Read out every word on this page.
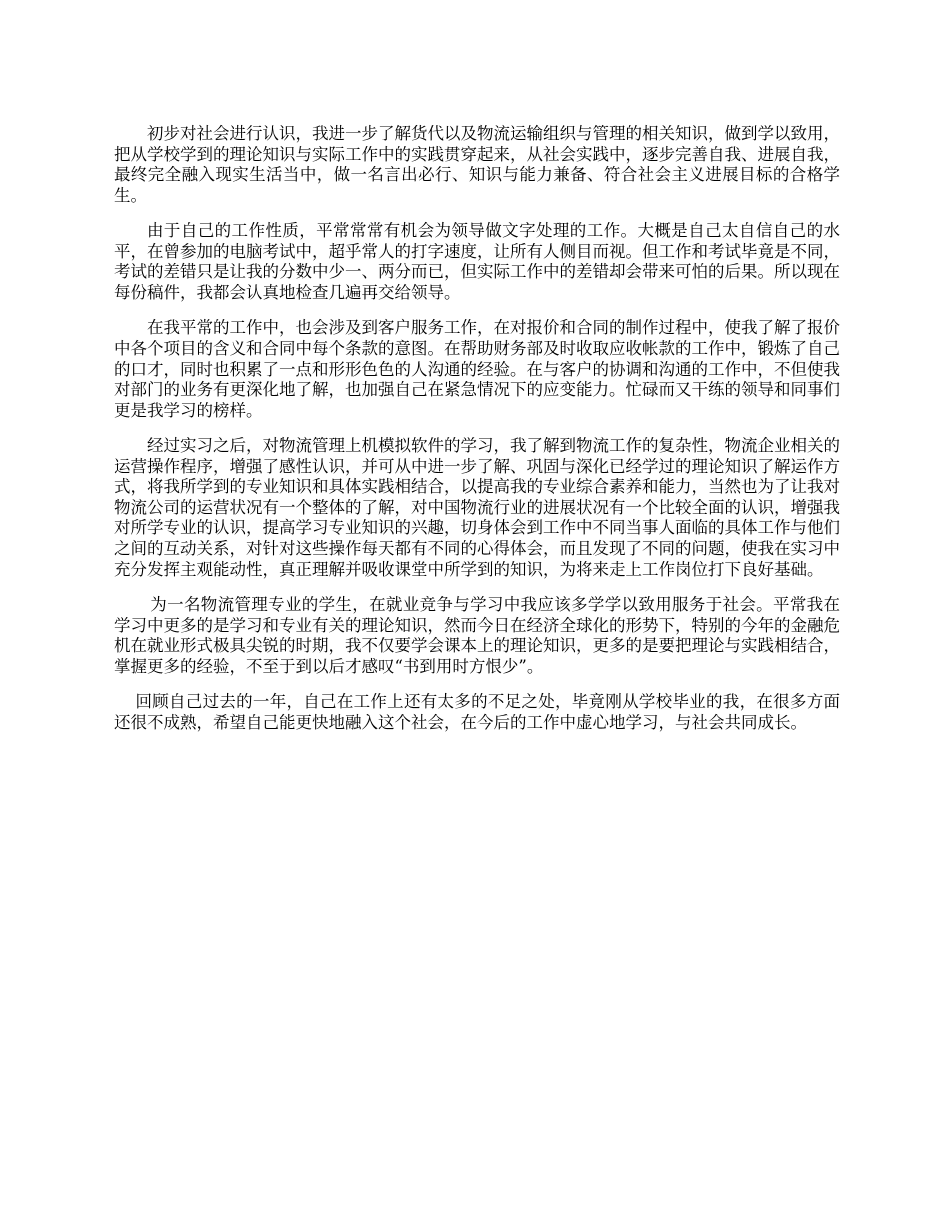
初步对社会进行认识，我进一步了解货代以及物流运输组织与管理的相关知识，做到学以致用，把从学校学到的理论知识与实际工作中的实践贯穿起来，从社会实践中，逐步完善自我、进展自我，最终完全融入现实生活当中，做一名言出必行、知识与能力兼备、符合社会主义进展目标的合格学生。

由于自己的工作性质，平常常常有机会为领导做文字处理的工作。大概是自己太自信自己的水平，在曾参加的电脑考试中，超乎常人的打字速度，让所有人侧目而视。但工作和考试毕竟是不同，考试的差错只是让我的分数中少一、两分而已，但实际工作中的差错却会带来可怕的后果。所以现在每份稿件，我都会认真地检查几遍再交给领导。

在我平常的工作中，也会涉及到客户服务工作，在对报价和合同的制作过程中，使我了解了报价中各个项目的含义和合同中每个条款的意图。在帮助财务部及时收取应收帐款的工作中，锻炼了自己的口才，同时也积累了一点和形形色色的人沟通的经验。在与客户的协调和沟通的工作中，不但使我对部门的业务有更深化地了解，也加强自己在紧急情况下的应变能力。忙碌而又干练的领导和同事们更是我学习的榜样。

经过实习之后，对物流管理上机模拟软件的学习，我了解到物流工作的复杂性，物流企业相关的运营操作程序，增强了感性认识，并可从中进一步了解、巩固与深化已经学过的理论知识了解运作方式，将我所学到的专业知识和具体实践相结合，以提高我的专业综合素养和能力，当然也为了让我对物流公司的运营状况有一个整体的了解，对中国物流行业的进展状况有一个比较全面的认识，增强我对所学专业的认识，提高学习专业知识的兴趣，切身体会到工作中不同当事人面临的具体工作与他们之间的互动关系，对针对这些操作每天都有不同的心得体会，而且发现了不同的问题，使我在实习中充分发挥主观能动性，真正理解并吸收课堂中所学到的知识，为将来走上工作岗位打下良好基础。

为一名物流管理专业的学生，在就业竞争与学习中我应该多学学以致用服务于社会。平常我在学习中更多的是学习和专业有关的理论知识，然而今日在经济全球化的形势下，特别的今年的金融危机在就业形式极具尖锐的时期，我不仅要学会课本上的理论知识，更多的是要把理论与实践相结合，掌握更多的经验，不至于到以后才感叹“书到用时方恨少”。

回顾自己过去的一年，自己在工作上还有太多的不足之处，毕竟刚从学校毕业的我，在很多方面还很不成熟，希望自己能更快地融入这个社会，在今后的工作中虚心地学习，与社会共同成长。
